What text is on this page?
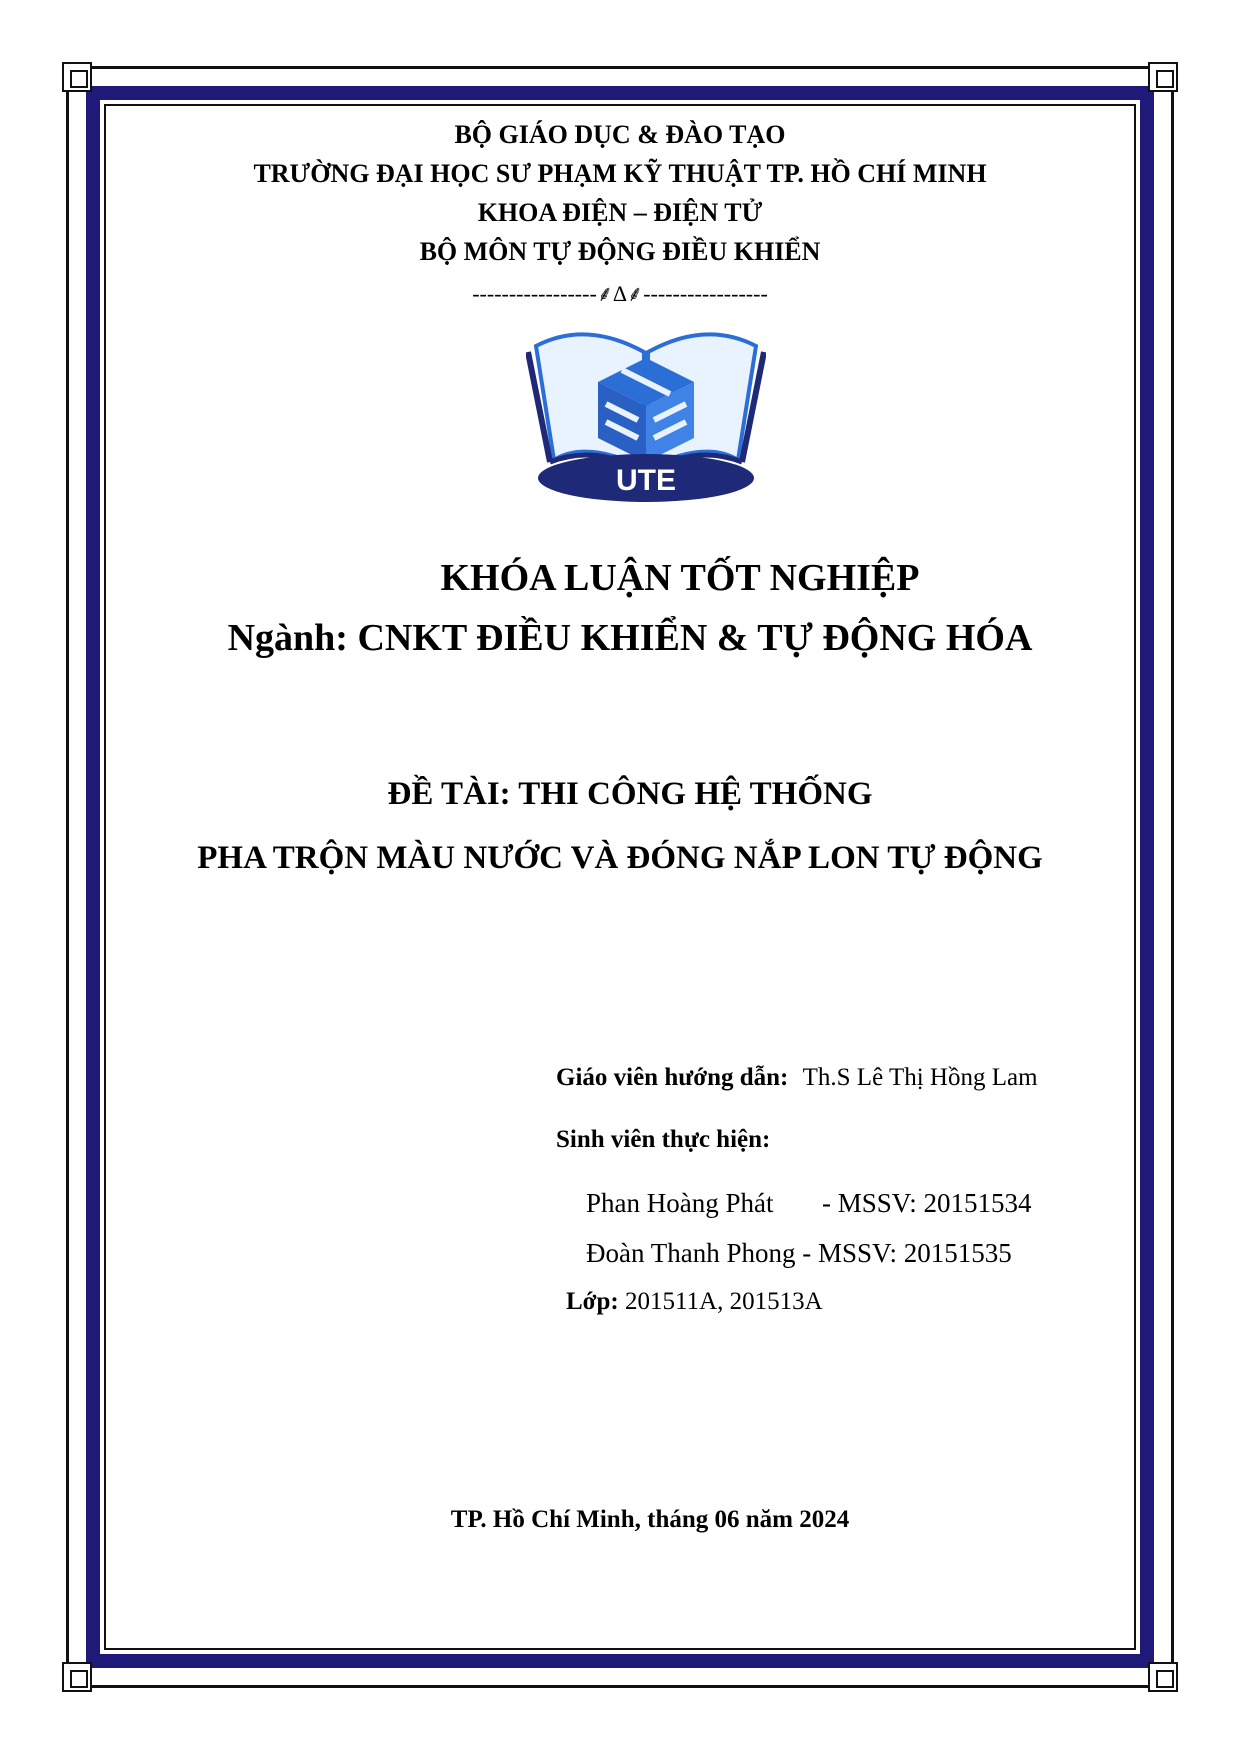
BỘ GIÁO DỤC & ĐÀO TẠO
TRƯỜNG ĐẠI HỌC SƯ PHẠM KỸ THUẬT TP. HỒ CHÍ MINH
KHOA ĐIỆN – ĐIỆN TỬ
BỘ MÔN TỰ ĐỘNG ĐIỀU KHIỂN
-----------------⸙∆⸙-----------------
UTE
KHÓA LUẬN TỐT NGHIỆP
Ngành: CNKT ĐIỀU KHIỂN & TỰ ĐỘNG HÓA
ĐỀ TÀI: THI CÔNG HỆ THỐNG
PHA TRỘN MÀU NƯỚC VÀ ĐÓNG NẮP LON TỰ ĐỘNG
Giáo viên hướng dẫn: Th.S Lê Thị Hồng Lam
Sinh viên thực hiện:
Phan Hoàng Phát - MSSV: 20151534
Đoàn Thanh Phong - MSSV: 20151535
Lớp: 201511A, 201513A
TP. Hồ Chí Minh, tháng 06 năm 2024
